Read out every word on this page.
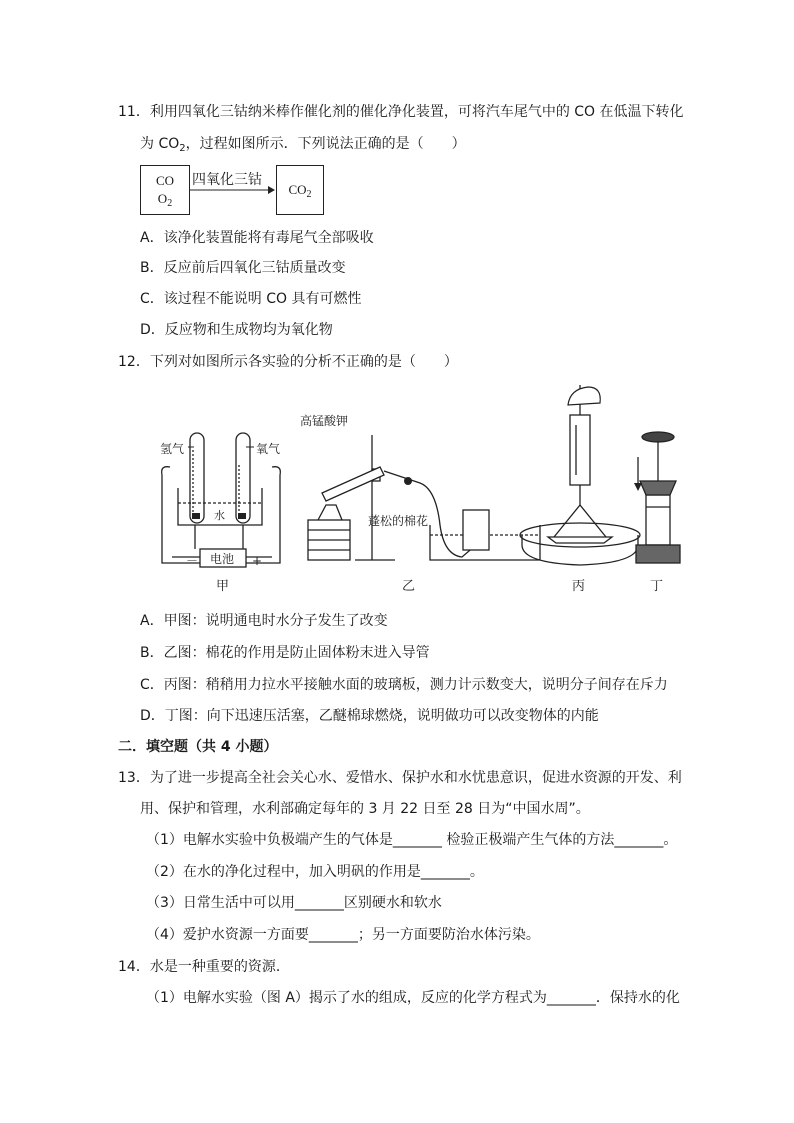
11．利用四氧化三钴纳米棒作催化剂的催化净化装置，可将汽车尾气中的 CO 在低温下转化
为 $CO_2$，过程如图所示．下列说法正确的是（　　）
CO
$O_2$
四氧化三钴
$CO_2$
A．该净化装置能将有毒尾气全部吸收
B．反应前后四氧化三钴质量改变
C．该过程不能说明 CO 具有可燃性
D．反应物和生成物均为氧化物
12．下列对如图所示各实验的分析不正确的是（　　）
氢气	氧气
水
电池
－	+
甲
高锰酸钾
蓬松的棉花
乙	丙	丁
A．甲图：说明通电时水分子发生了改变
B．乙图：棉花的作用是防止固体粉末进入导管
C．丙图：稍稍用力拉水平接触水面的玻璃板，测力计示数变大，说明分子间存在斥力
D．丁图：向下迅速压活塞，乙醚棉球燃烧，说明做功可以改变物体的内能
二．填空题（共 4 小题）
13．为了进一步提高全社会关心水、爱惜水、保护水和水忧患意识，促进水资源的开发、利
用、保护和管理，水利部确定每年的 3 月 22 日至 28 日为“中国水周”。
（1）电解水实验中负极端产生的气体是_______ 检验正极端产生气体的方法_______。
（2）在水的净化过程中，加入明矾的作用是_______。
（3）日常生活中可以用_______区别硬水和软水
（4）爱护水资源一方面要_______；另一方面要防治水体污染。
14．水是一种重要的资源．
（1）电解水实验（图 A）揭示了水的组成，反应的化学方程式为_______．保持水的化
